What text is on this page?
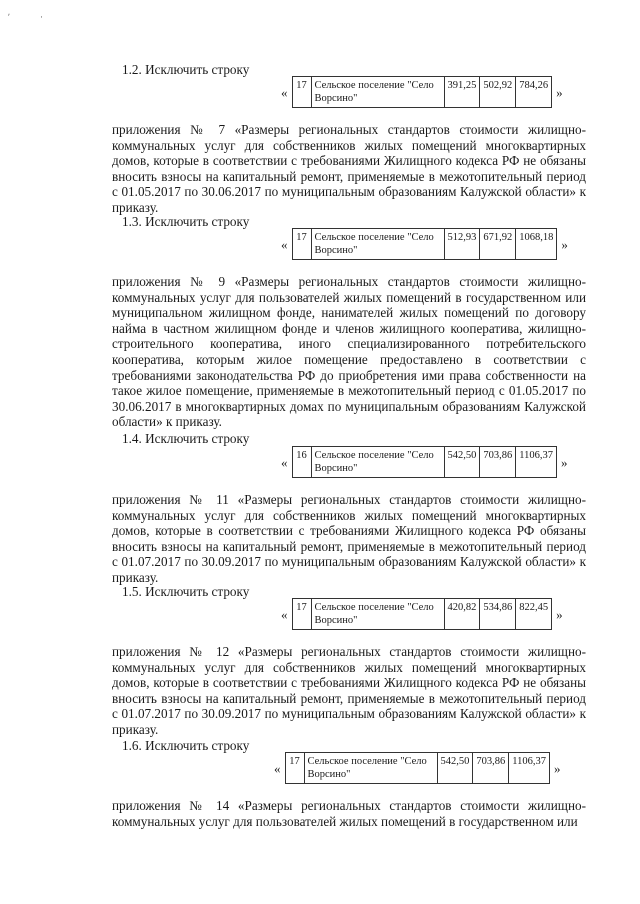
ʹ·
1.2. Исключить строку
« 17	Сельское поселение "Село Ворсино"	391,25	502,92	784,26 »
приложения № 7 «Размеры региональных стандартов стоимости жилищно-коммунальных услуг для собственников жилых помещений многоквартирных домов, которые в соответствии с требованиями Жилищного кодекса РФ не обязаны вносить взносы на капитальный ремонт, применяемые в межотопительный период с 01.05.2017 по 30.06.2017 по муниципальным образованиям Калужской области» к приказу.
1.3. Исключить строку
« 17	Сельское поселение "Село Ворсино"	512,93	671,92	1068,18 »
приложения № 9 «Размеры региональных стандартов стоимости жилищно-коммунальных услуг для пользователей жилых помещений в государственном или муниципальном жилищном фонде, нанимателей жилых помещений по договору найма в частном жилищном фонде и членов жилищного кооператива, жилищно-строительного кооператива, иного специализированного потребительского кооператива, которым жилое помещение предоставлено в соответствии с требованиями законодательства РФ до приобретения ими права собственности на такое жилое помещение, применяемые в межотопительный период с 01.05.2017 по 30.06.2017 в многоквартирных домах по муниципальным образованиям Калужской области» к приказу.
1.4. Исключить строку
« 16	Сельское поселение "Село Ворсино"	542,50	703,86	1106,37 »
приложения № 11 «Размеры региональных стандартов стоимости жилищно-коммунальных услуг для собственников жилых помещений многоквартирных домов, которые в соответствии с требованиями Жилищного кодекса РФ обязаны вносить взносы на капитальный ремонт, применяемые в межотопительный период с 01.07.2017 по 30.09.2017 по муниципальным образованиям Калужской области» к приказу.
1.5. Исключить строку
« 17	Сельское поселение "Село Ворсино"	420,82	534,86	822,45 »
приложения № 12 «Размеры региональных стандартов стоимости жилищно-коммунальных услуг для собственников жилых помещений многоквартирных домов, которые в соответствии с требованиями Жилищного кодекса РФ не обязаны вносить взносы на капитальный ремонт, применяемые в межотопительный период с 01.07.2017 по 30.09.2017 по муниципальным образованиям Калужской области» к приказу.
1.6. Исключить строку
« 17	Сельское поселение "Село Ворсино"	542,50	703,86	1106,37 »
приложения № 14 «Размеры региональных стандартов стоимости жилищно-коммунальных услуг для пользователей жилых помещений в государственном или
